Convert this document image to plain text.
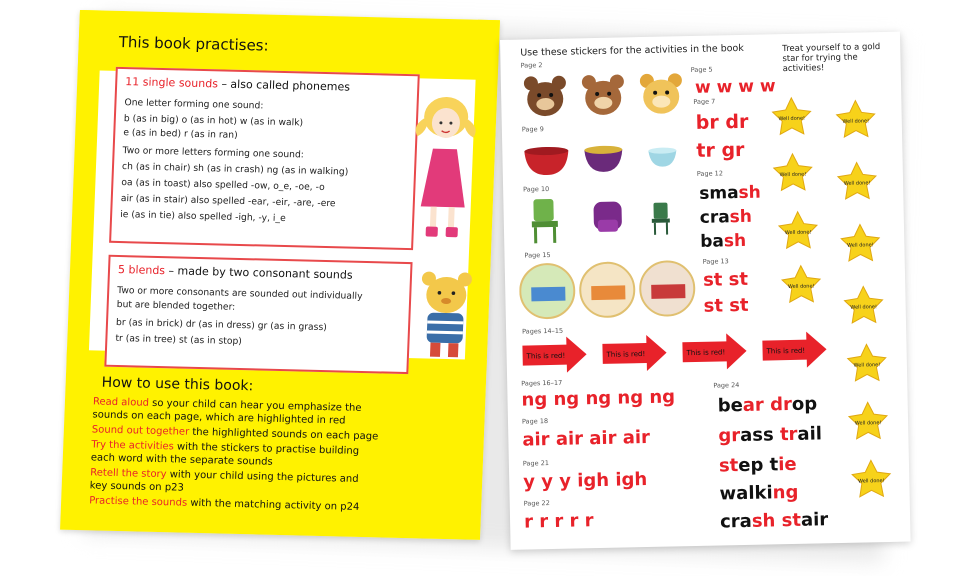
This book practises:
11 single sounds – also called phonemes
One letter forming one sound:
b (as in big) o (as in hot) w (as in walk)
e (as in bed) r (as in ran)
Two or more letters forming one sound:
ch (as in chair) sh (as in crash) ng (as in walking)
oa (as in toast) also spelled -ow, o_e, -oe, -o
air (as in stair) also spelled -ear, -eir, -are, -ere
ie (as in tie) also spelled -igh, -y, i_e
5 blends – made by two consonant sounds
Two or more consonants are sounded out individually
but are blended together:
br (as in brick) dr (as in dress) gr (as in grass)
tr (as in tree) st (as in stop)
How to use this book:
Read aloud so your child can hear you emphasize the
sounds on each page, which are highlighted in red
Sound out together the highlighted sounds on each page
Try the activities with the stickers to practise building
each word with the separate sounds
Retell the story with your child using the pictures and
key sounds on p23
Practise the sounds with the matching activity on p24
Use these stickers for the activities in the book	Treat yourself to a gold star for trying the activities!
Page 2
Page 5
Page 7
Page 9
Page 10
Page 12
Page 13
Page 15
Pages 14–15
Pages 16–17
Page 18
Page 21
Page 22
Page 24
w w w w
br dr
tr gr
smash
crash
bash
st st
st st
This is red!	This is red!	This is red!	This is red!
ng ng ng ng ng
air air air air
y y y igh igh
r r r r r
bear drop
grass trail
step tie
walking
crash stair
Well done!	Well done!
Well done!
Well done!
Well done!
Well done!
Well done!
Well done!
Well done!
Well done!
Well done!
